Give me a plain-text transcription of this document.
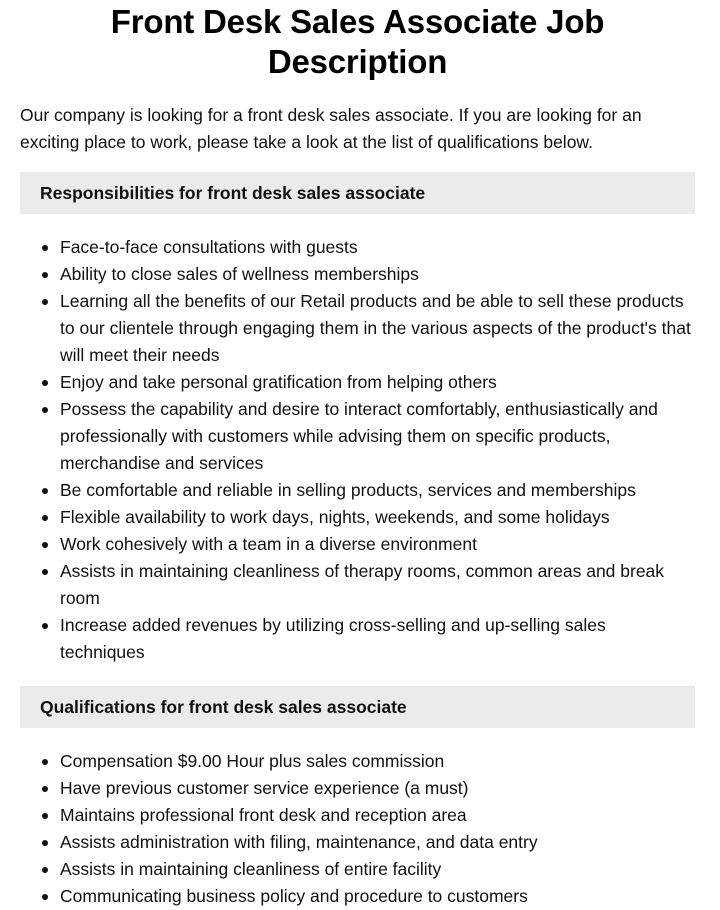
Front Desk Sales Associate Job Description

Our company is looking for a front desk sales associate. If you are looking for an exciting place to work, please take a look at the list of qualifications below.

Responsibilities for front desk sales associate
Face-to-face consultations with guests
Ability to close sales of wellness memberships
Learning all the benefits of our Retail products and be able to sell these products to our clientele through engaging them in the various aspects of the product's that will meet their needs
Enjoy and take personal gratification from helping others
Possess the capability and desire to interact comfortably, enthusiastically and professionally with customers while advising them on specific products, merchandise and services
Be comfortable and reliable in selling products, services and memberships
Flexible availability to work days, nights, weekends, and some holidays
Work cohesively with a team in a diverse environment
Assists in maintaining cleanliness of therapy rooms, common areas and break room
Increase added revenues by utilizing cross-selling and up-selling sales techniques
Qualifications for front desk sales associate
Compensation $9.00 Hour plus sales commission
Have previous customer service experience (a must)
Maintains professional front desk and reception area
Assists administration with filing, maintenance, and data entry
Assists in maintaining cleanliness of entire facility
Communicating business policy and procedure to customers
